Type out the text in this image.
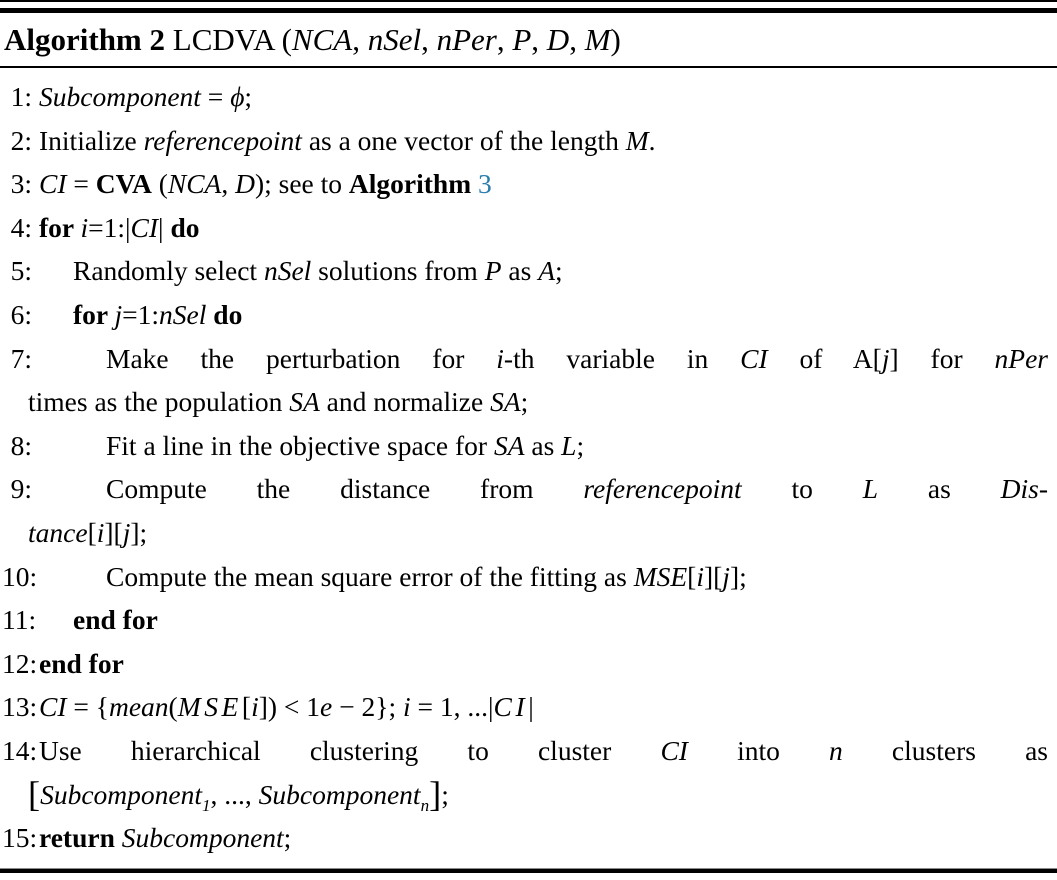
Algorithm 2 LCDVA (NCA, nSel, nPer, P, D, M)
1: Subcomponent = ϕ;
2: Initialize referencepoint as a one vector of the length M.
3: CI = CVA (NCA, D); see to Algorithm 3
4: for i=1:|CI| do
5:	Randomly select nSel solutions from P as A;
6:	for j=1:nSel do
7:	Make the perturbation for i-th variable in CI of A[j] for nPer
times as the population SA and normalize SA;
8:	Fit a line in the objective space for SA as L;
9:	Compute the distance from referencepoint to L as Dis-
tance[i][j];
10:	Compute the mean square error of the fitting as MSE[i][j];
11:	end for
12: end for
13: CI = {mean(MSE[i]) < 1e − 2}; i = 1, ...|CI|
14: Use hierarchical clustering to cluster CI into n clusters as
[Subcomponent$_1$, ..., Subcomponent$_n$];
15: return Subcomponent;
